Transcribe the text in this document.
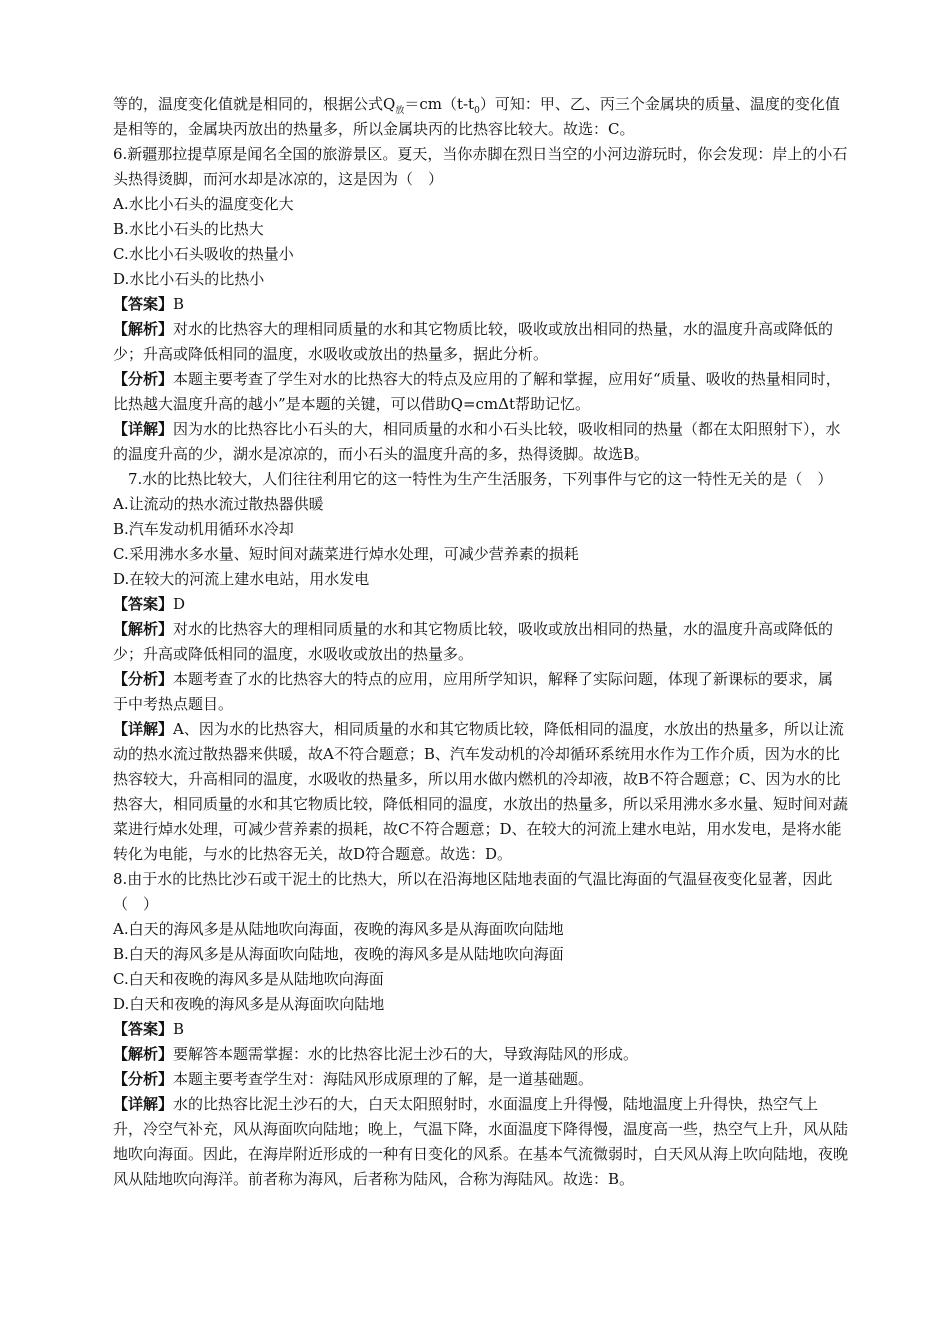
等的，温度变化值就是相同的，根据公式$Q_放=cm(t-t_0)$可知：甲、乙、丙三个金属块的质量、温度的变化值是相等的，金属块丙放出的热量多，所以金属块丙的比热容比较大。故选：C。

6.新疆那拉提草原是闻名全国的旅游景区。夏天，当你赤脚在烈日当空的小河边游玩时，你会发现：岸上的小石头热得烫脚，而河水却是冰凉的，这是因为（　）

A.水比小石头的温度变化大

B.水比小石头的比热大

C.水比小石头吸收的热量小

D.水比小石头的比热小

【答案】B

【解析】对水的比热容大的理相同质量的水和其它物质比较，吸收或放出相同的热量，水的温度升高或降低的少；升高或降低相同的温度，水吸收或放出的热量多，据此分析。

【分析】本题主要考查了学生对水的比热容大的特点及应用的了解和掌握，应用好“质量、吸收的热量相同时，比热越大温度升高的越小”是本题的关键，可以借助Q=cmΔt帮助记忆。

【详解】因为水的比热容比小石头的大，相同质量的水和小石头比较，吸收相同的热量（都在太阳照射下），水的温度升高的少，湖水是凉凉的，而小石头的温度升高的多，热得烫脚。故选B。

7.水的比热比较大，人们往往利用它的这一特性为生产生活服务，下列事件与它的这一特性无关的是（　）

A.让流动的热水流过散热器供暖

B.汽车发动机用循环水冷却

C.采用沸水多水量、短时间对蔬菜进行焯水处理，可减少营养素的损耗

D.在较大的河流上建水电站，用水发电

【答案】D

【解析】对水的比热容大的理相同质量的水和其它物质比较，吸收或放出相同的热量，水的温度升高或降低的少；升高或降低相同的温度，水吸收或放出的热量多。

【分析】本题考查了水的比热容大的特点的应用，应用所学知识，解释了实际问题，体现了新课标的要求，属于中考热点题目。

【详解】A、因为水的比热容大，相同质量的水和其它物质比较，降低相同的温度，水放出的热量多，所以让流动的热水流过散热器来供暖，故A不符合题意；B、汽车发动机的冷却循环系统用水作为工作介质，因为水的比热容较大，升高相同的温度，水吸收的热量多，所以用水做内燃机的冷却液，故B不符合题意；C、因为水的比热容大，相同质量的水和其它物质比较，降低相同的温度，水放出的热量多，所以采用沸水多水量、短时间对蔬菜进行焯水处理，可减少营养素的损耗，故C不符合题意；D、在较大的河流上建水电站，用水发电，是将水能转化为电能，与水的比热容无关，故D符合题意。故选：D。

8.由于水的比热比沙石或干泥土的比热大，所以在沿海地区陆地表面的气温比海面的气温昼夜变化显著，因此（　）

A.白天的海风多是从陆地吹向海面，夜晚的海风多是从海面吹向陆地

B.白天的海风多是从海面吹向陆地，夜晚的海风多是从陆地吹向海面

C.白天和夜晚的海风多是从陆地吹向海面

D.白天和夜晚的海风多是从海面吹向陆地

【答案】B

【解析】要解答本题需掌握：水的比热容比泥土沙石的大，导致海陆风的形成。

【分析】本题主要考查学生对：海陆风形成原理的了解，是一道基础题。

【详解】水的比热容比泥土沙石的大，白天太阳照射时，水面温度上升得慢，陆地温度上升得快，热空气上升，冷空气补充，风从海面吹向陆地；晚上，气温下降，水面温度下降得慢，温度高一些，热空气上升，风从陆地吹向海面。因此，在海岸附近形成的一种有日变化的风系。在基本气流微弱时，白天风从海上吹向陆地，夜晚风从陆地吹向海洋。前者称为海风，后者称为陆风，合称为海陆风。故选：B。
